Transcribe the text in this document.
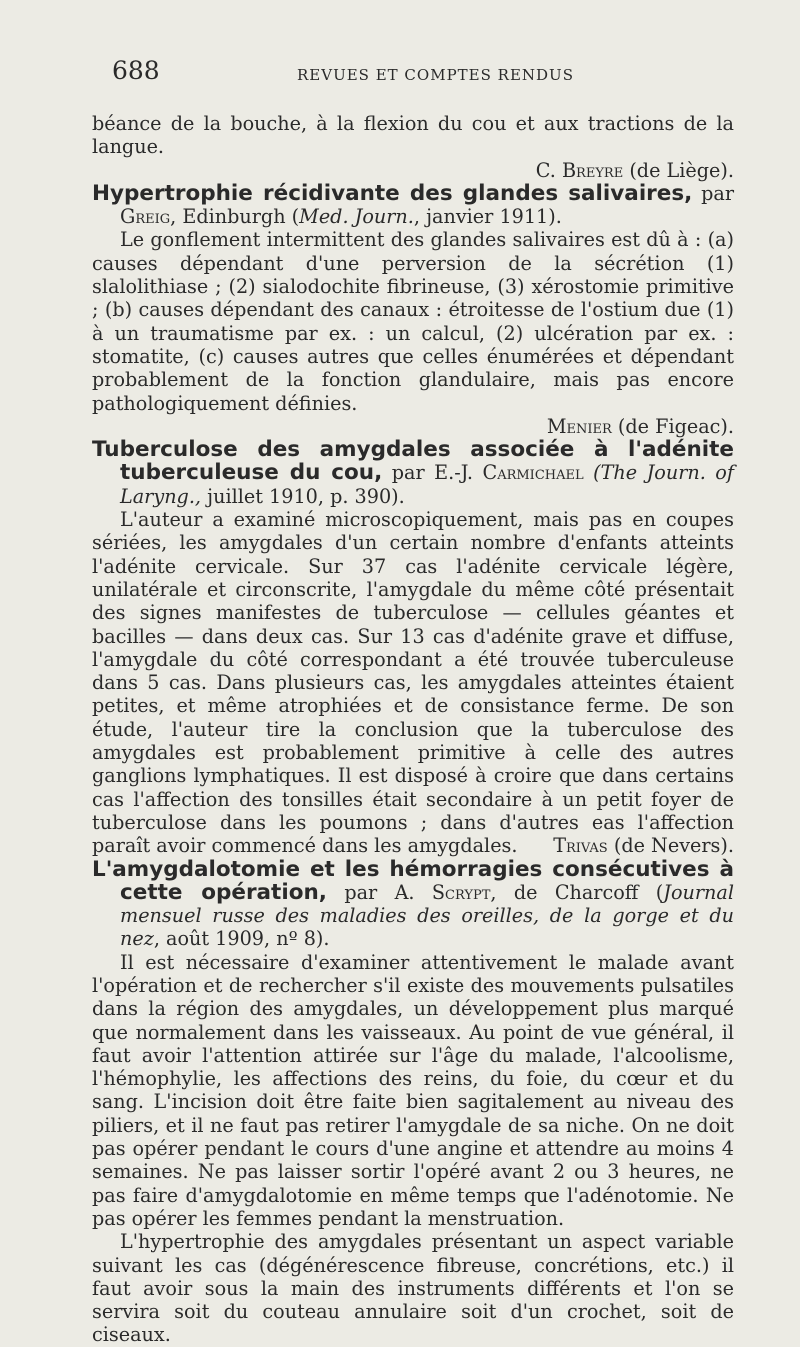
688	REVUES ET COMPTES RENDUS

béance de la bouche, à la flexion du cou et aux tractions de la langue.

C. Breyre (de Liège).

Hypertrophie récidivante des glandes salivaires, par Greig, Edinburgh (Med. Journ., janvier 1911).

Le gonflement intermittent des glandes salivaires est dû à : (a) causes dépendant d'une perversion de la sécrétion (1) slalolithiase ; (2) sialodochite fibrineuse, (3) xérostomie primitive ; (b) causes dépendant des canaux : étroitesse de l'ostium due (1) à un traumatisme par ex. : un calcul, (2) ulcération par ex. : stomatite, (c) causes autres que celles énumérées et dépendant probablement de la fonction glandulaire, mais pas encore pathologiquement définies.

Menier (de Figeac).

Tuberculose des amygdales associée à l'adénite tuberculeuse du cou, par E.-J. Carmichael (The Journ. of Laryng., juillet 1910, p. 390).

L'auteur a examiné microscopiquement, mais pas en coupes sériées, les amygdales d'un certain nombre d'enfants atteints l'adénite cervicale. Sur 37 cas l'adénite cervicale légère, unilatérale et circonscrite, l'amygdale du même côté présentait des signes manifestes de tuberculose — cellules géantes et bacilles — dans deux cas. Sur 13 cas d'adénite grave et diffuse, l'amygdale du côté correspondant a été trouvée tuberculeuse dans 5 cas. Dans plusieurs cas, les amygdales atteintes étaient petites, et même atrophiées et de consistance ferme. De son étude, l'auteur tire la conclusion que la tuberculose des amygdales est probablement primitive à celle des autres ganglions lymphatiques. Il est disposé à croire que dans certains cas l'affection des tonsilles était secondaire à un petit foyer de tuberculose dans les poumons ; dans d'autres eas l'affection paraît avoir commencé dans les amygdales.	Trivas (de Nevers).

L'amygdalotomie et les hémorragies consécutives à cette opération, par A. Scrypt, de Charcoff (Journal mensuel russe des maladies des oreilles, de la gorge et du nez, août 1909, nº 8).

Il est nécessaire d'examiner attentivement le malade avant l'opération et de rechercher s'il existe des mouvements pulsatiles dans la région des amygdales, un développement plus marqué que normalement dans les vaisseaux. Au point de vue général, il faut avoir l'attention attirée sur l'âge du malade, l'alcoolisme, l'hémophylie, les affections des reins, du foie, du cœur et du sang. L'incision doit être faite bien sagitalement au niveau des piliers, et il ne faut pas retirer l'amygdale de sa niche. On ne doit pas opérer pendant le cours d'une angine et attendre au moins 4 semaines. Ne pas laisser sortir l'opéré avant 2 ou 3 heures, ne pas faire d'amygdalotomie en même temps que l'adénotomie. Ne pas opérer les femmes pendant la menstruation.

L'hypertrophie des amygdales présentant un aspect variable suivant les cas (dégénérescence fibreuse, concrétions, etc.) il faut avoir sous la main des instruments différents et l'on se servira soit du couteau annulaire soit d'un crochet, soit de ciseaux.
